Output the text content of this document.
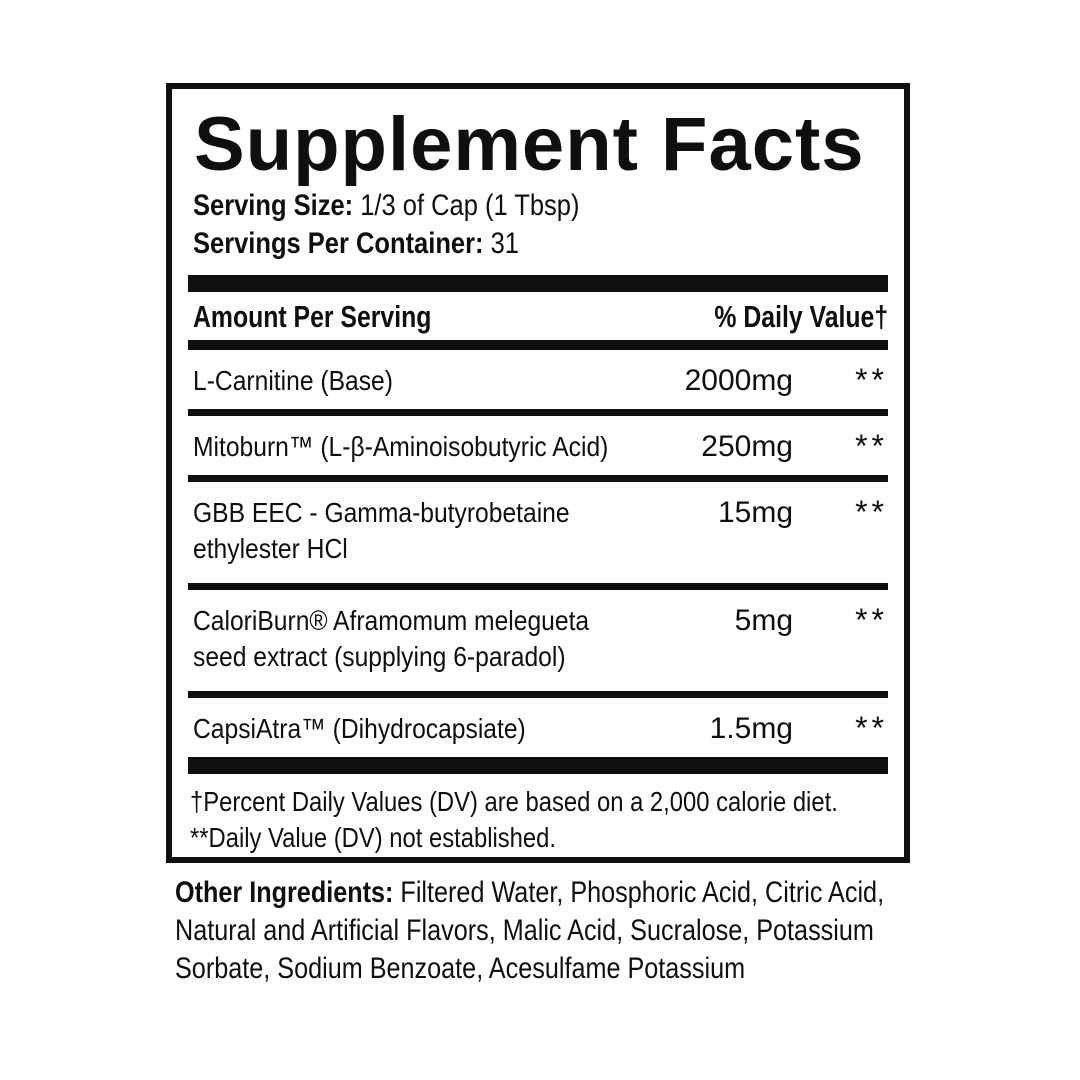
Supplement Facts
Serving Size: 1/3 of Cap (1 Tbsp)
Servings Per Container: 31
Amount Per Serving	% Daily Value†
L-Carnitine (Base)	2000mg	**
Mitoburn™ (L-β-Aminoisobutyric Acid)	250mg	**
GBB EEC - Gamma-butyrobetaine
ethylester HCl
15mg	**
CaloriBurn® Aframomum melegueta
seed extract (supplying 6-paradol)
5mg	**
CapsiAtra™ (Dihydrocapsiate)	1.5mg	**
†Percent Daily Values (DV) are based on a 2,000 calorie diet.
**Daily Value (DV) not established.
Other Ingredients: Filtered Water, Phosphoric Acid, Citric Acid,
Natural and Artificial Flavors, Malic Acid, Sucralose, Potassium
Sorbate, Sodium Benzoate, Acesulfame Potassium
